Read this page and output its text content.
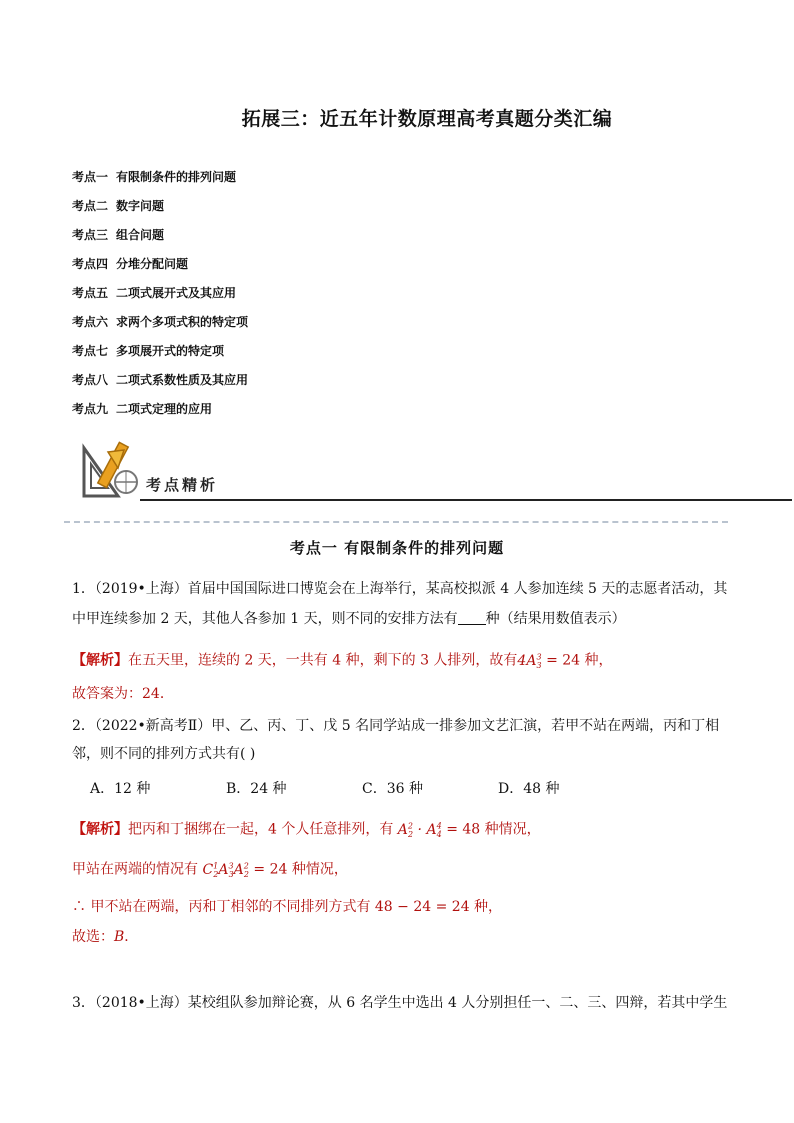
拓展三：近五年计数原理高考真题分类汇编
考点一 有限制条件的排列问题
考点二 数字问题
考点三 组合问题
考点四 分堆分配问题
考点五 二项式展开式及其应用
考点六 求两个多项式积的特定项
考点七 多项展开式的特定项
考点八 二项式系数性质及其应用
考点九 二项式定理的应用
考点精析
考点一 有限制条件的排列问题
1．（2019•上海）首届中国国际进口博览会在上海举行，某高校拟派 4 人参加连续 5 天的志愿者活动，其
中甲连续参加 2 天，其他人各参加 1 天，则不同的安排方法有 种（结果用数值表示）
【解析】在五天里，连续的 2 天，一共有 4 种，剩下的 3 人排列，故有$4A^3_3 = 24$ 种，
故答案为：24．
2．（2022•新高考Ⅱ）甲、乙、丙、丁、戊 5 名同学站成一排参加文艺汇演，若甲不站在两端，丙和丁相
邻，则不同的排列方式共有( )
A．12 种	B．24 种	C．36 种	D．48 种
【解析】把丙和丁捆绑在一起，4 个人任意排列，有 $A^2_2 \cdot A^4_4 = 48$ 种情况，
甲站在两端的情况有 $C^1_2A^3_3A^2_2 = 24$ 种情况，
∴ 甲不站在两端，丙和丁相邻的不同排列方式有 48 − 24 = 24 种，
故选：B．
3．（2018•上海）某校组队参加辩论赛，从 6 名学生中选出 4 人分别担任一、二、三、四辩，若其中学生
